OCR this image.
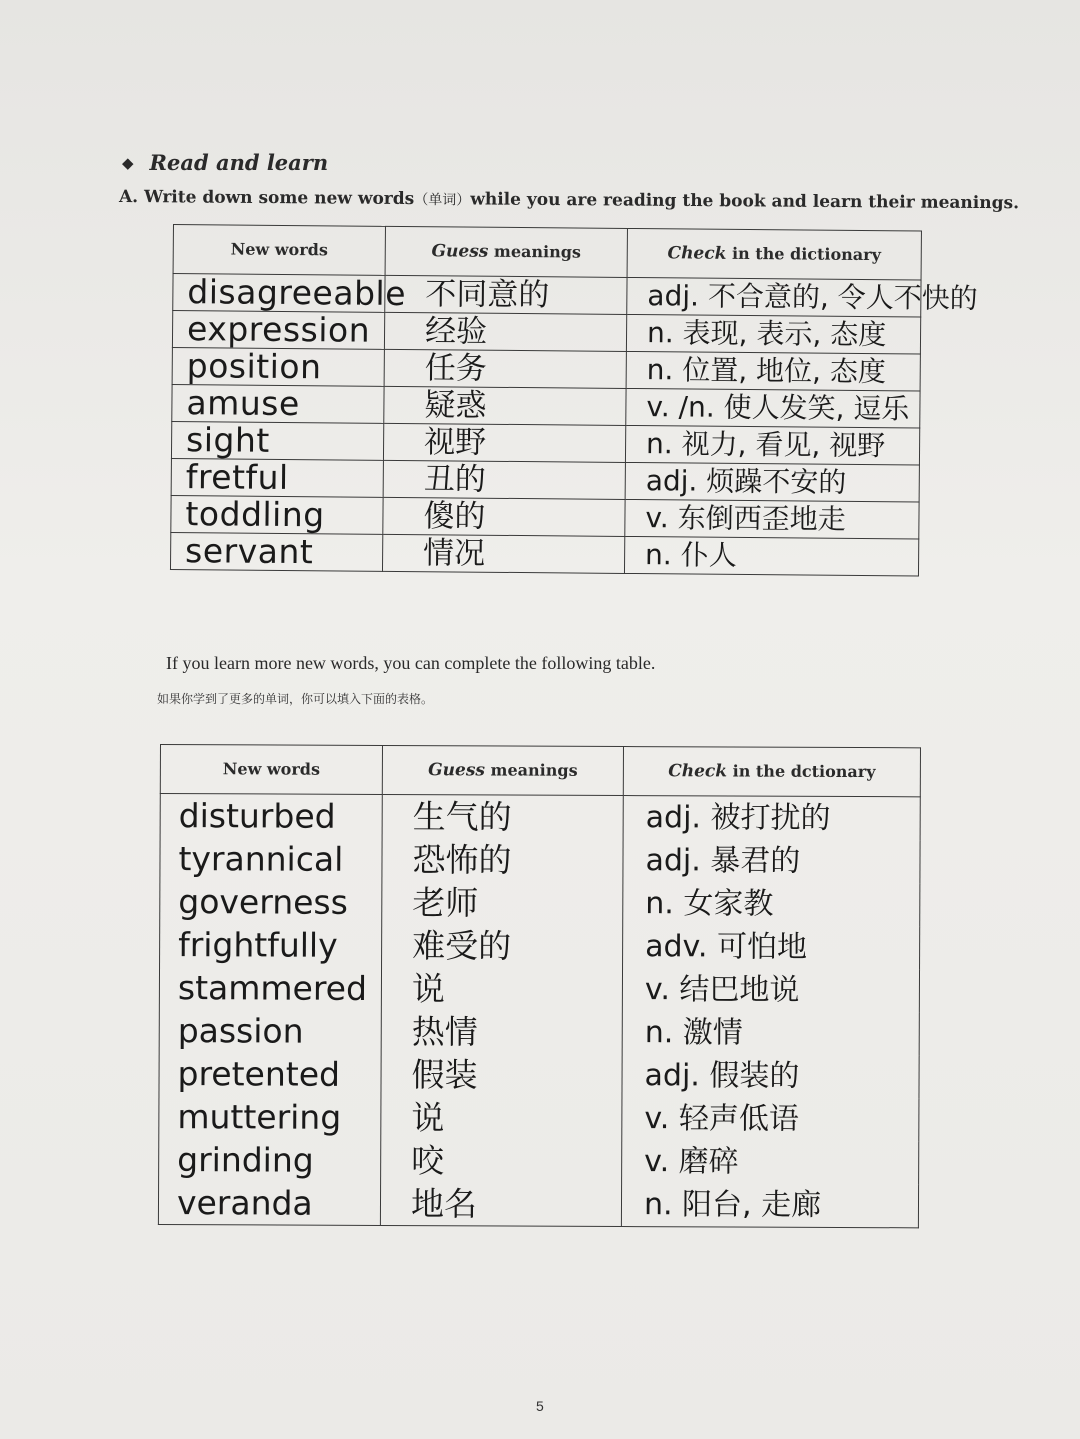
◆ Read and learn
A. Write down some new words（单词）while you are reading the book and learn their meanings.
New words	Guess meanings	Check in the dictionary

disagreeable	不同意的	adj. 不合意的, 令人不快的

expression	经验	n. 表现, 表示, 态度

position	任务	n. 位置, 地位, 态度

amuse	疑惑	v. /n. 使人发笑, 逗乐

sight	视野	n. 视力, 看见, 视野

fretful	丑的	adj. 烦躁不安的

toddling	傻的	v. 东倒西歪地走

servant	情况	n. 仆人
If you learn more new words, you can complete the following table.
如果你学到了更多的单词，你可以填入下面的表格。
New words	Guess meanings	Check in the dctionary

disturbed	生气的	adj. 被打扰的

tyrannical	恐怖的	adj. 暴君的

governess	老师	n. 女家教

frightfully	难受的	adv. 可怕地

stammered	说	v. 结巴地说

passion	热情	n. 激情

pretented	假装	adj. 假装的

muttering	说	v. 轻声低语

grinding	咬	v. 磨碎

veranda	地名	n. 阳台, 走廊
5
